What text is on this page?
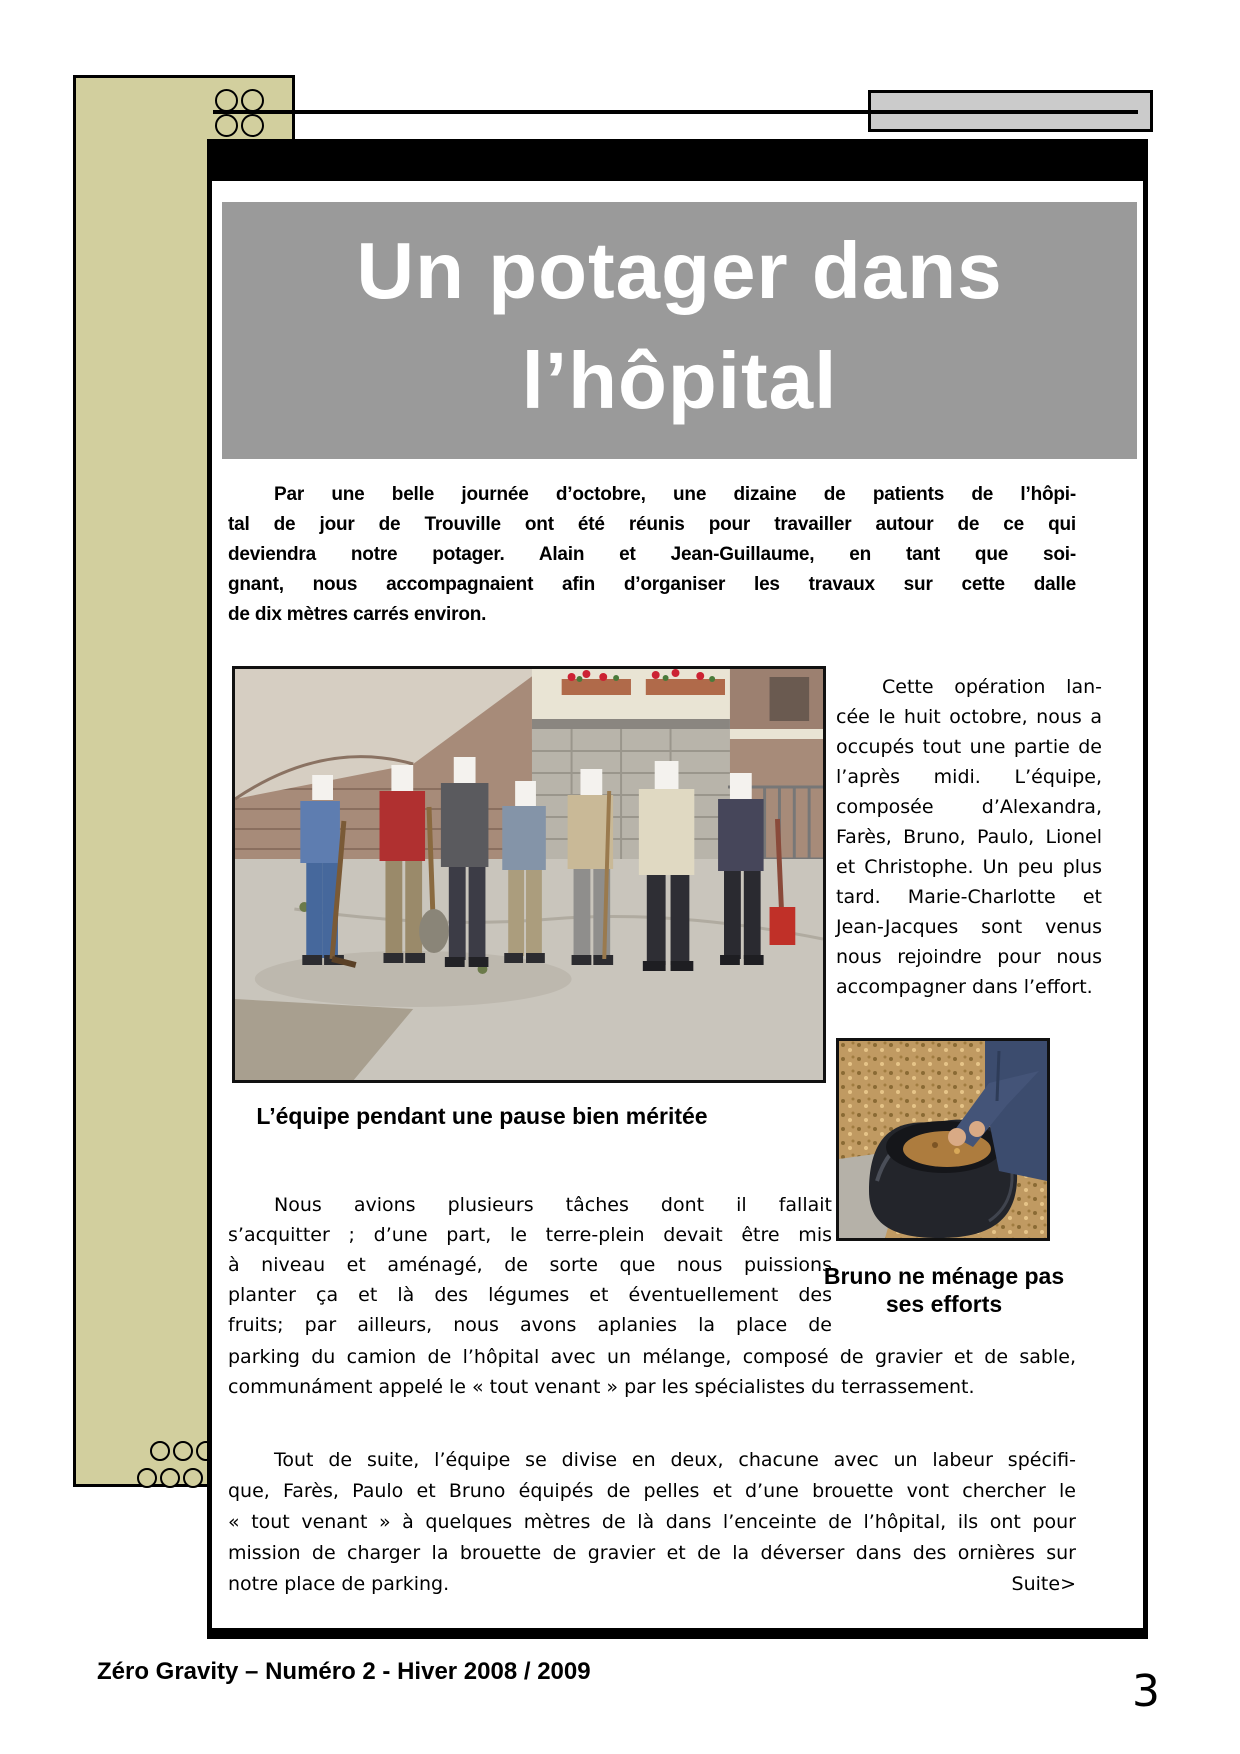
Un potager dans
l’hôpital
Par une belle journée d’octobre, une dizaine de patients de l’hôpi-
tal de jour de Trouville ont été réunis pour travailler autour de ce qui
deviendra notre potager. Alain et Jean-Guillaume, en tant que soi-
gnant, nous accompagnaient afin d’organiser les travaux sur cette dalle
de dix mètres carrés environ.
Cette opération lan-
cée le huit octobre, nous a
occupés tout une partie de
l’après midi. L’équipe,
composée d’Alexandra,
Farès, Bruno, Paulo, Lionel
et Christophe. Un peu plus
tard. Marie-Charlotte et
Jean-Jacques sont venus
nous rejoindre pour nous
accompagner dans l’effort.
L’équipe pendant une pause bien méritée
Nous avions plusieurs tâches dont il fallait
s’acquitter ; d’une part, le terre-plein devait être mis
à niveau et aménagé, de sorte que nous puissions
planter ça et là des légumes et éventuellement des
fruits; par ailleurs, nous avons aplanies la place de
parking du camion de l’hôpital avec un mélange, composé de gravier et de sable,
communáment appelé le « tout venant » par les spécialistes du terrassement.
Bruno ne ménage pas
ses efforts
Tout de suite, l’équipe se divise en deux, chacune avec un labeur spécifi-
que, Farès, Paulo et Bruno équipés de pelles et d’une brouette vont chercher le
« tout venant » à quelques mètres de là dans l’enceinte de l’hôpital, ils ont pour
mission de charger la brouette de gravier et de la déverser dans des ornières sur
notre place de parking.	Suite>
Zéro Gravity – Numéro 2 - Hiver 2008 / 2009	3
